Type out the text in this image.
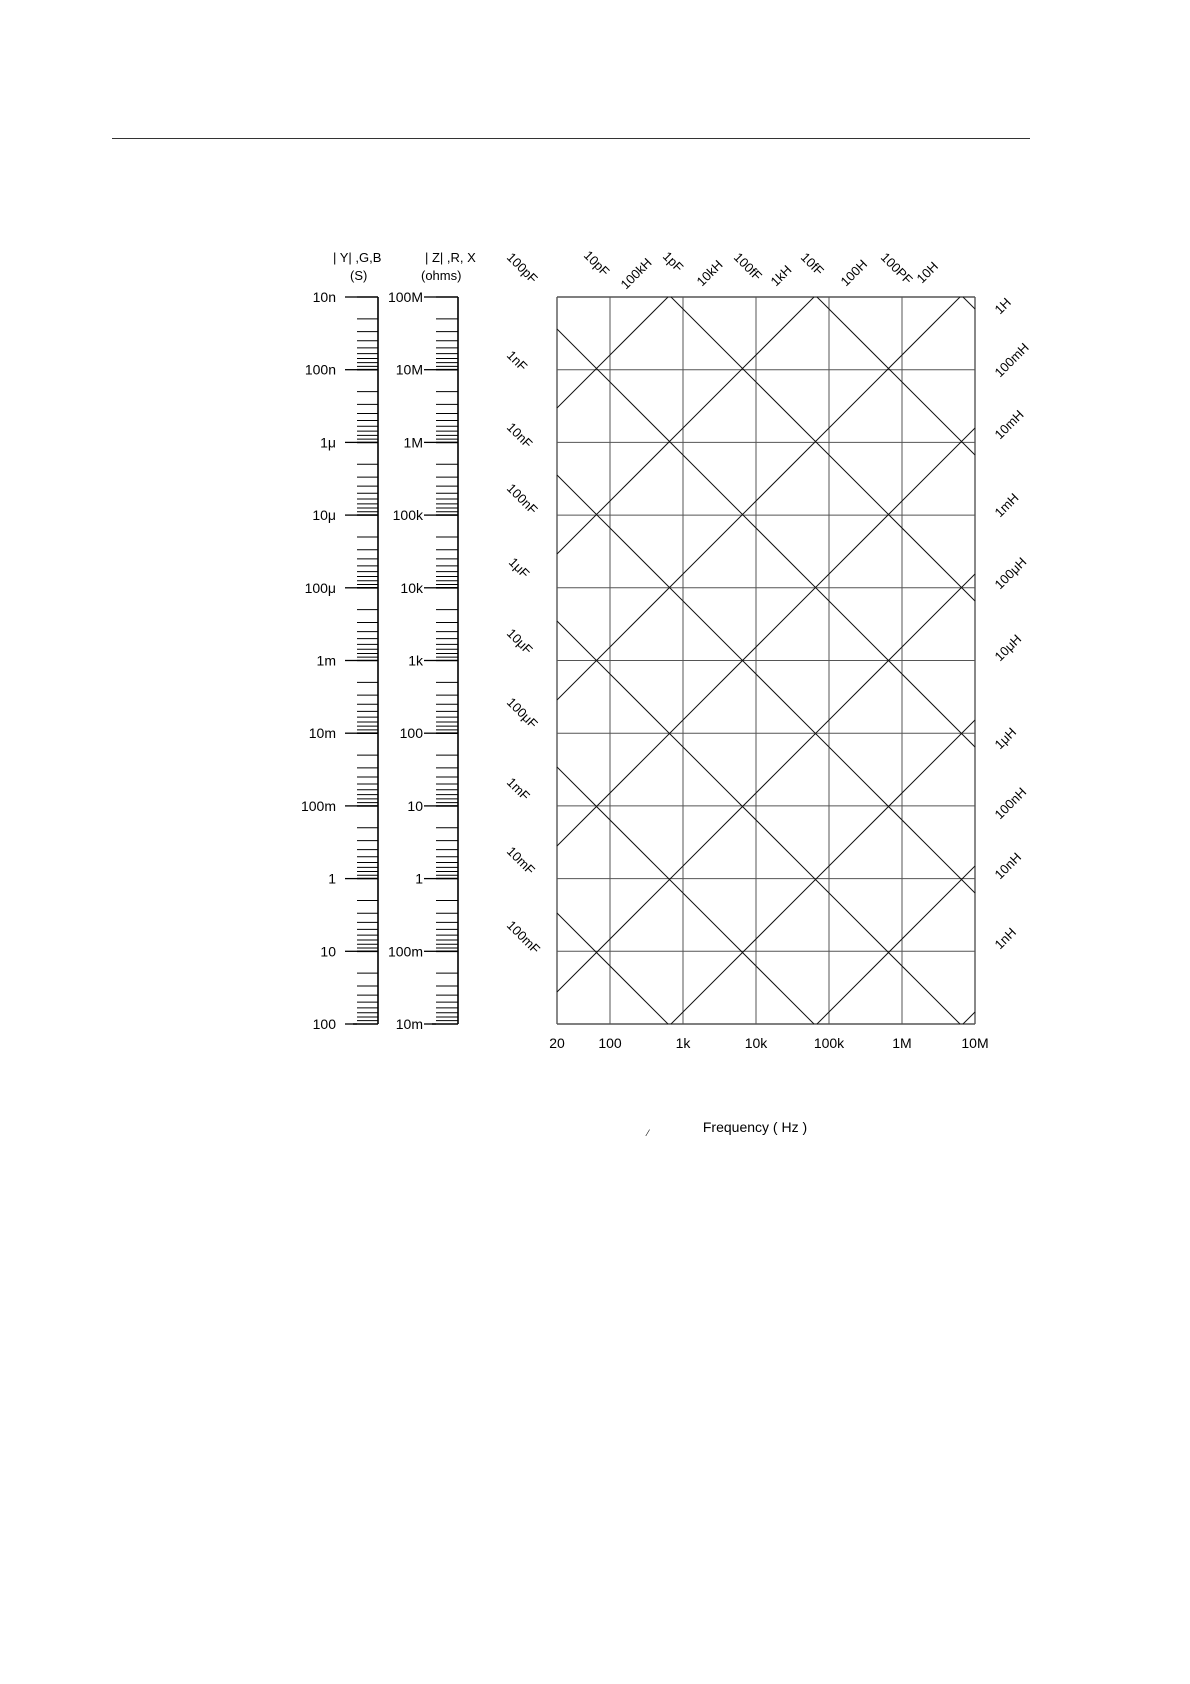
| Y| ,G,B
(S)
| Z| ,R, X
(ohms)
10n
100n
1μ
10μ
100μ
1m
10m
100m
1
10
100
100M
10M
1M
100k
10k
1k
100
10
1
100m
10m
20 100	1k	10k	100k	1M	10M
Frequency ( Hz )
⁄
100pF	10pF 100kH 1pF 10kH 100fF 1kH 10fF 100H 100PF
10H
1nF
10nF
100nF
1μF
10μF
100μF
1mF
10mF
100mF
1H
100mH
10mH
1mH
100μH
10μH
1μH
100nH
10nH
1nH
